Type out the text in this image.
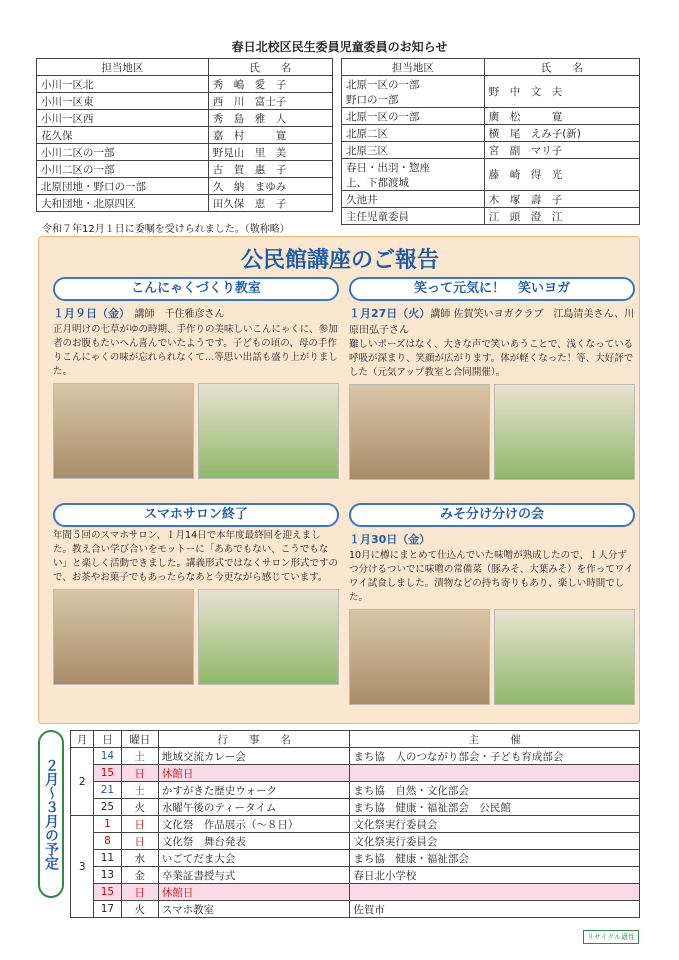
春日北校区民生委員児童委員のお知らせ
担当地区	氏　　名
小川一区北	秀　嶋　愛　子
小川一区東	西　川　富士子
小川一区西	秀　島　雅　人
花久保	嘉　村　　　寛
小川二区の一部	野見山　里　美
小川二区の一部	古　賀　惠　子
北原団地・野口の一部	久　納　まゆみ
大和団地・北原四区	田久保　恵　子
担当地区	氏　　名
北原一区の一部
野口の一部	野　中　文　夫
北原一区の一部	廣　松　　　寛
北原二区	横　尾　えみ子(新)
北原三区	宮　副　マリ子
春日・出羽・惣座
上、下都渡城	藤　崎　得　光
久池井	木　塚　壽　子
主任児童委員	江　頭　澄　江
令和７年12月１日に委嘱を受けられました。（敬称略）
公民館講座のご報告
こんにゃくづくり教室
１月９日（金）　講師　千住雅彦さん
正月明けの七草がゆの時期、手作りの美味しいこんにゃくに、参加者のお腹もたいへん喜んでいたようです。子どもの頃の、母の手作りこんにゃくの味が忘れられなくて…等思い出話も盛り上がりました。
笑って元気に！　笑いヨガ
１月27日（火）講師 佐賀笑いヨガクラブ　江島清美さん、川原田弘子さん
難しいポーズはなく、大きな声で笑いあうことで、浅くなっている呼吸が深まり、笑顔が広がります。体が軽くなった！等、大好評でした（元気アップ教室と合同開催）。
スマホサロン終了
年間５回のスマホサロン、１月14日で本年度最終回を迎えました。教え合い学び合いをモットーに「ああでもない、こうでもない」と楽しく活動できました。講義形式ではなくサロン形式ですので、お茶やお菓子でもあったらなあと今更ながら感じています。
みそ分け分けの会
１月30日（金）
10月に樽にまとめて仕込んでいた味噌が熟成したので、１人分ずつ分けるついでに味噌の常備菜（豚みそ、大葉みそ）を作ってワイワイ試食しました。漬物などの持ち寄りもあり、楽しい時間でした。
２月〜３月の予定
月	日	曜日	行　　事　　名	主　　　催
2	14	土	地域交流カレー会	まち協　人のつながり部会・子ども育成部会
	15	日	休館日	
	21	土	かすがきた歴史ウォーク	まち協　自然・文化部会
	25	火	水曜午後のティータイム	まち協　健康・福祉部会　公民館
3	1	日	文化祭　作品展示（〜８日）	文化祭実行委員会
	8	日	文化祭　舞台発表	文化祭実行委員会
	11	水	いごてだま大会	まち協　健康・福祉部会
	13	金	卒業証書授与式	春日北小学校
	15	日	休館日	
	17	火	スマホ教室	佐賀市
リサイクル適性
